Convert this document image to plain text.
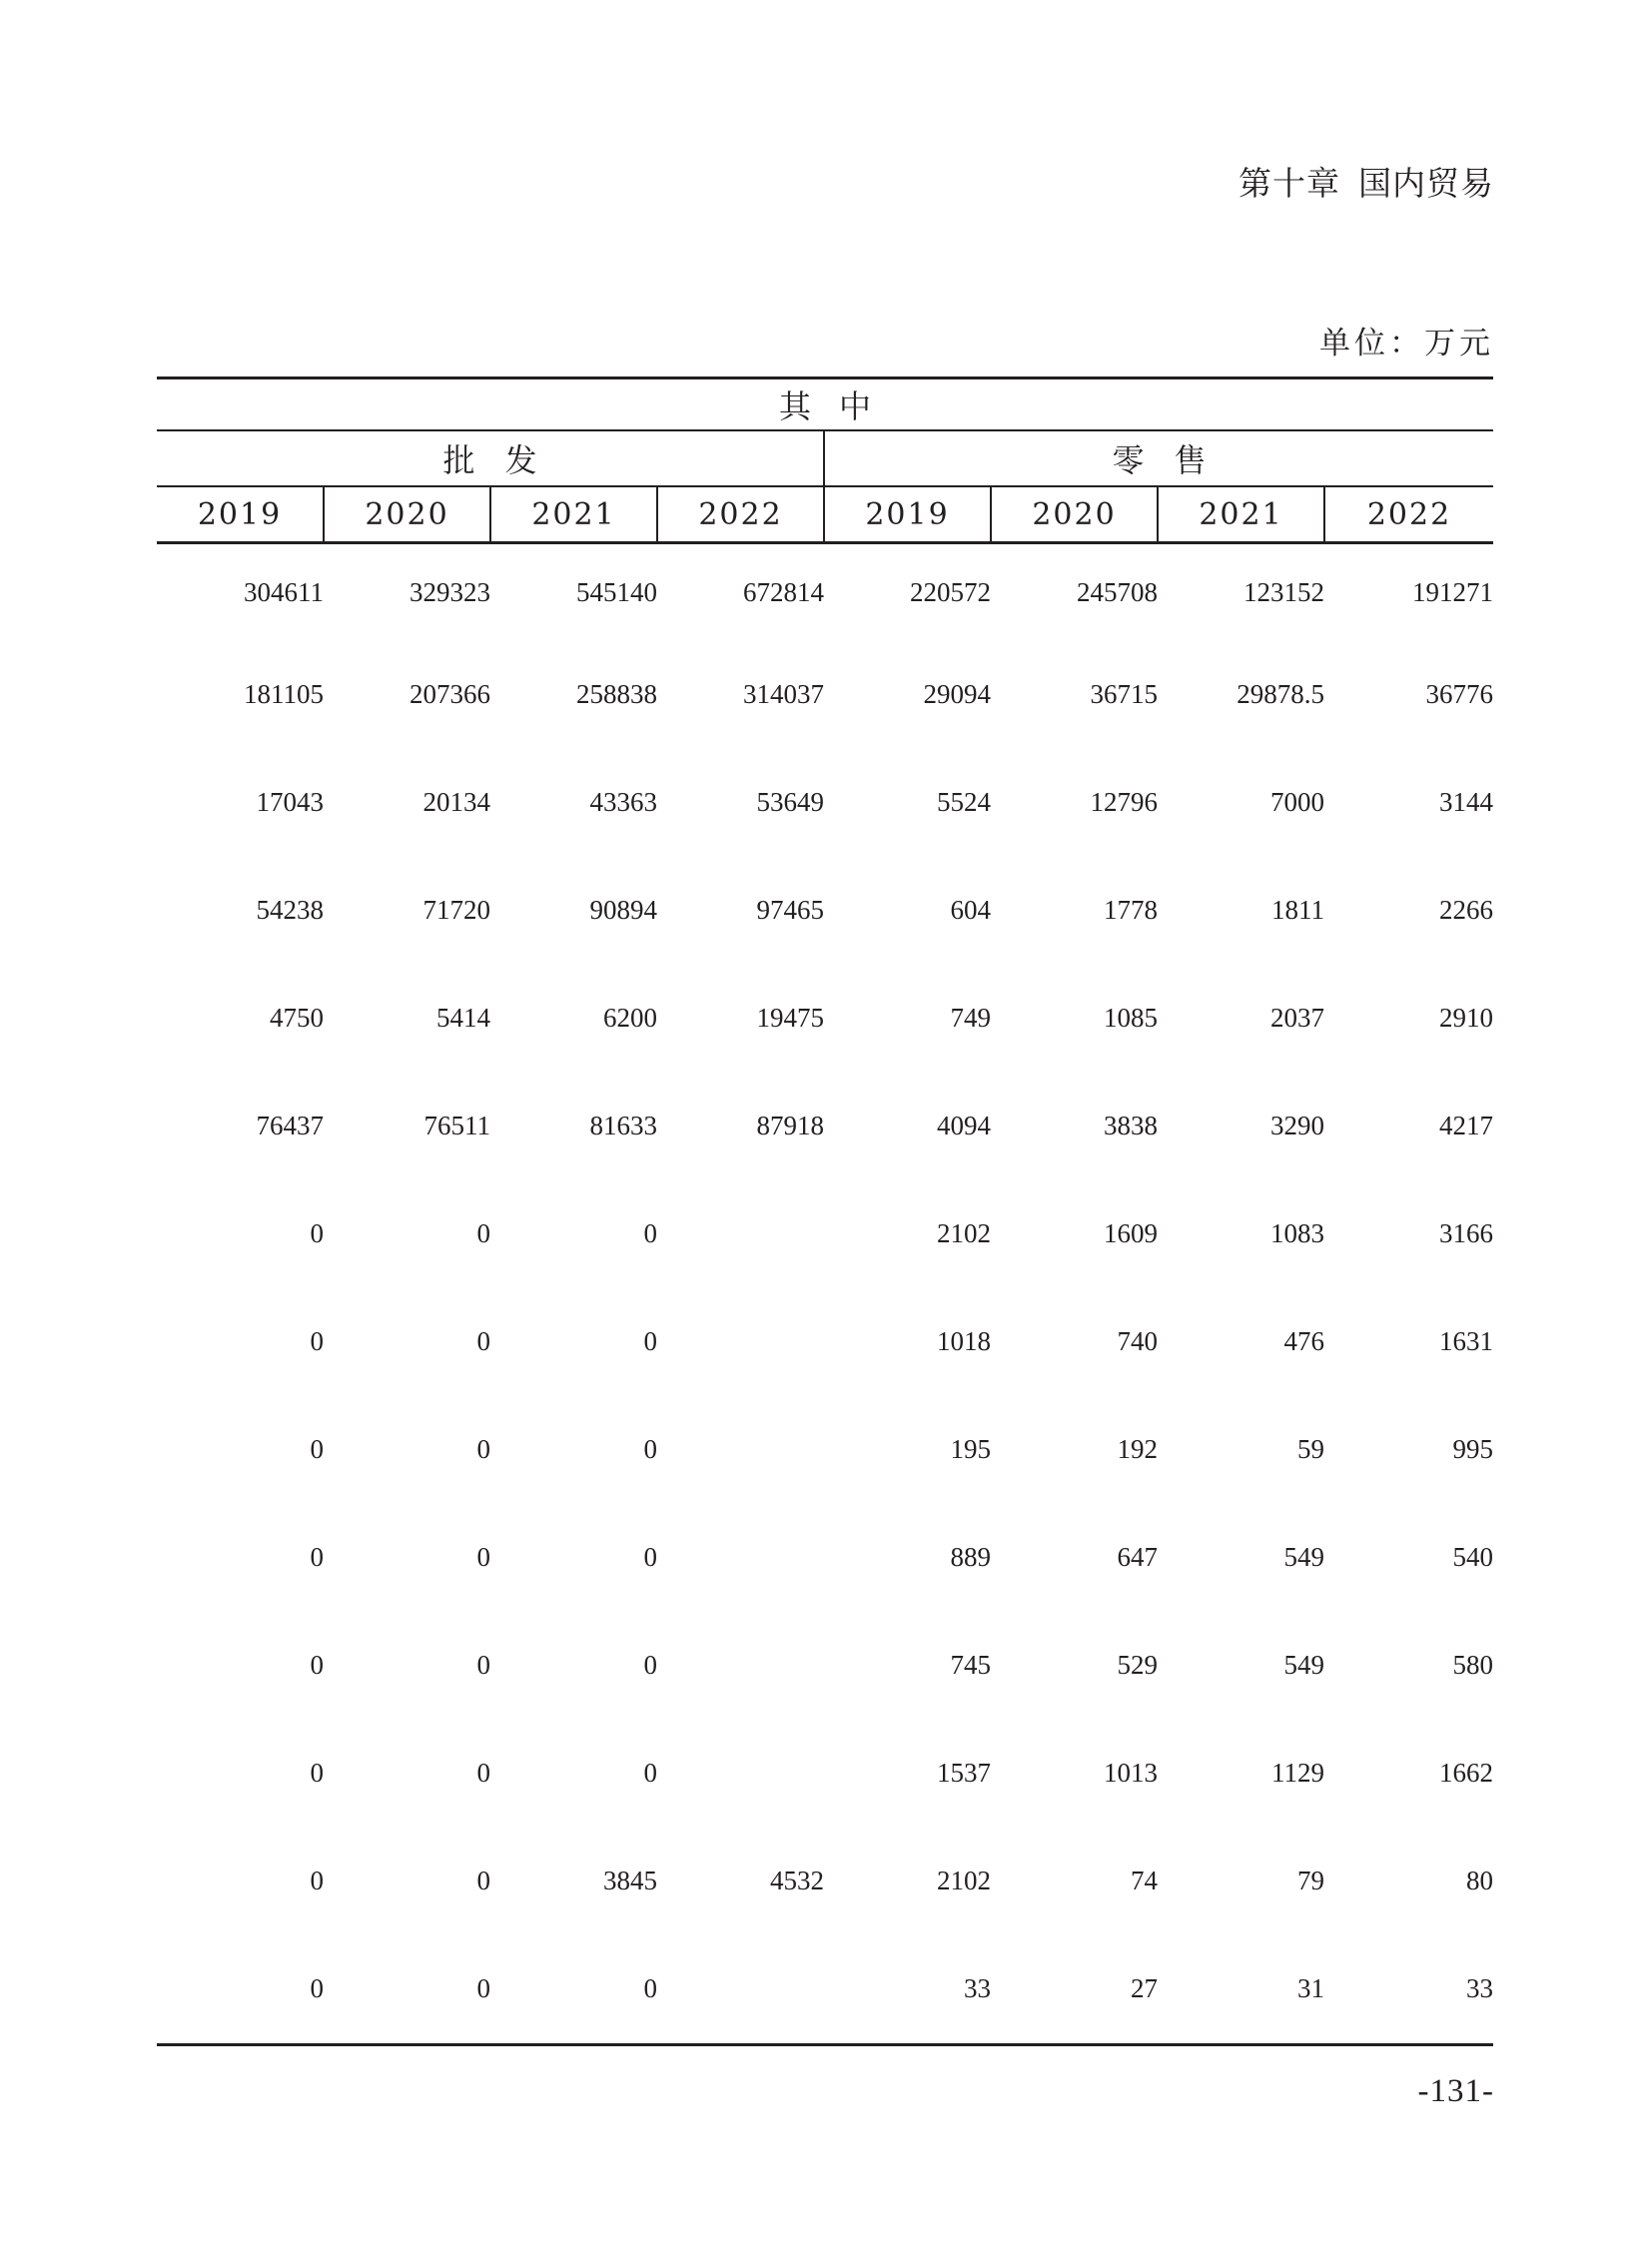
第十章 国内贸易
单位：万元
其中							
批发				零售			
2019	2020	2021	2022	2019	2020	2021	2022
304611	329323	545140	672814	220572	245708	123152	191271
181105	207366	258838	314037	29094	36715	29878.5	36776
17043	20134	43363	53649	5524	12796	7000	3144
54238	71720	90894	97465	604	1778	1811	2266
4750	5414	6200	19475	749	1085	2037	2910
76437	76511	81633	87918	4094	3838	3290	4217
0	0	0		2102	1609	1083	3166
0	0	0		1018	740	476	1631
0	0	0		195	192	59	995
0	0	0		889	647	549	540
0	0	0		745	529	549	580
0	0	0		1537	1013	1129	1662
0	0	3845	4532	2102	74	79	80
0	0	0		33	27	31	33
-131-
